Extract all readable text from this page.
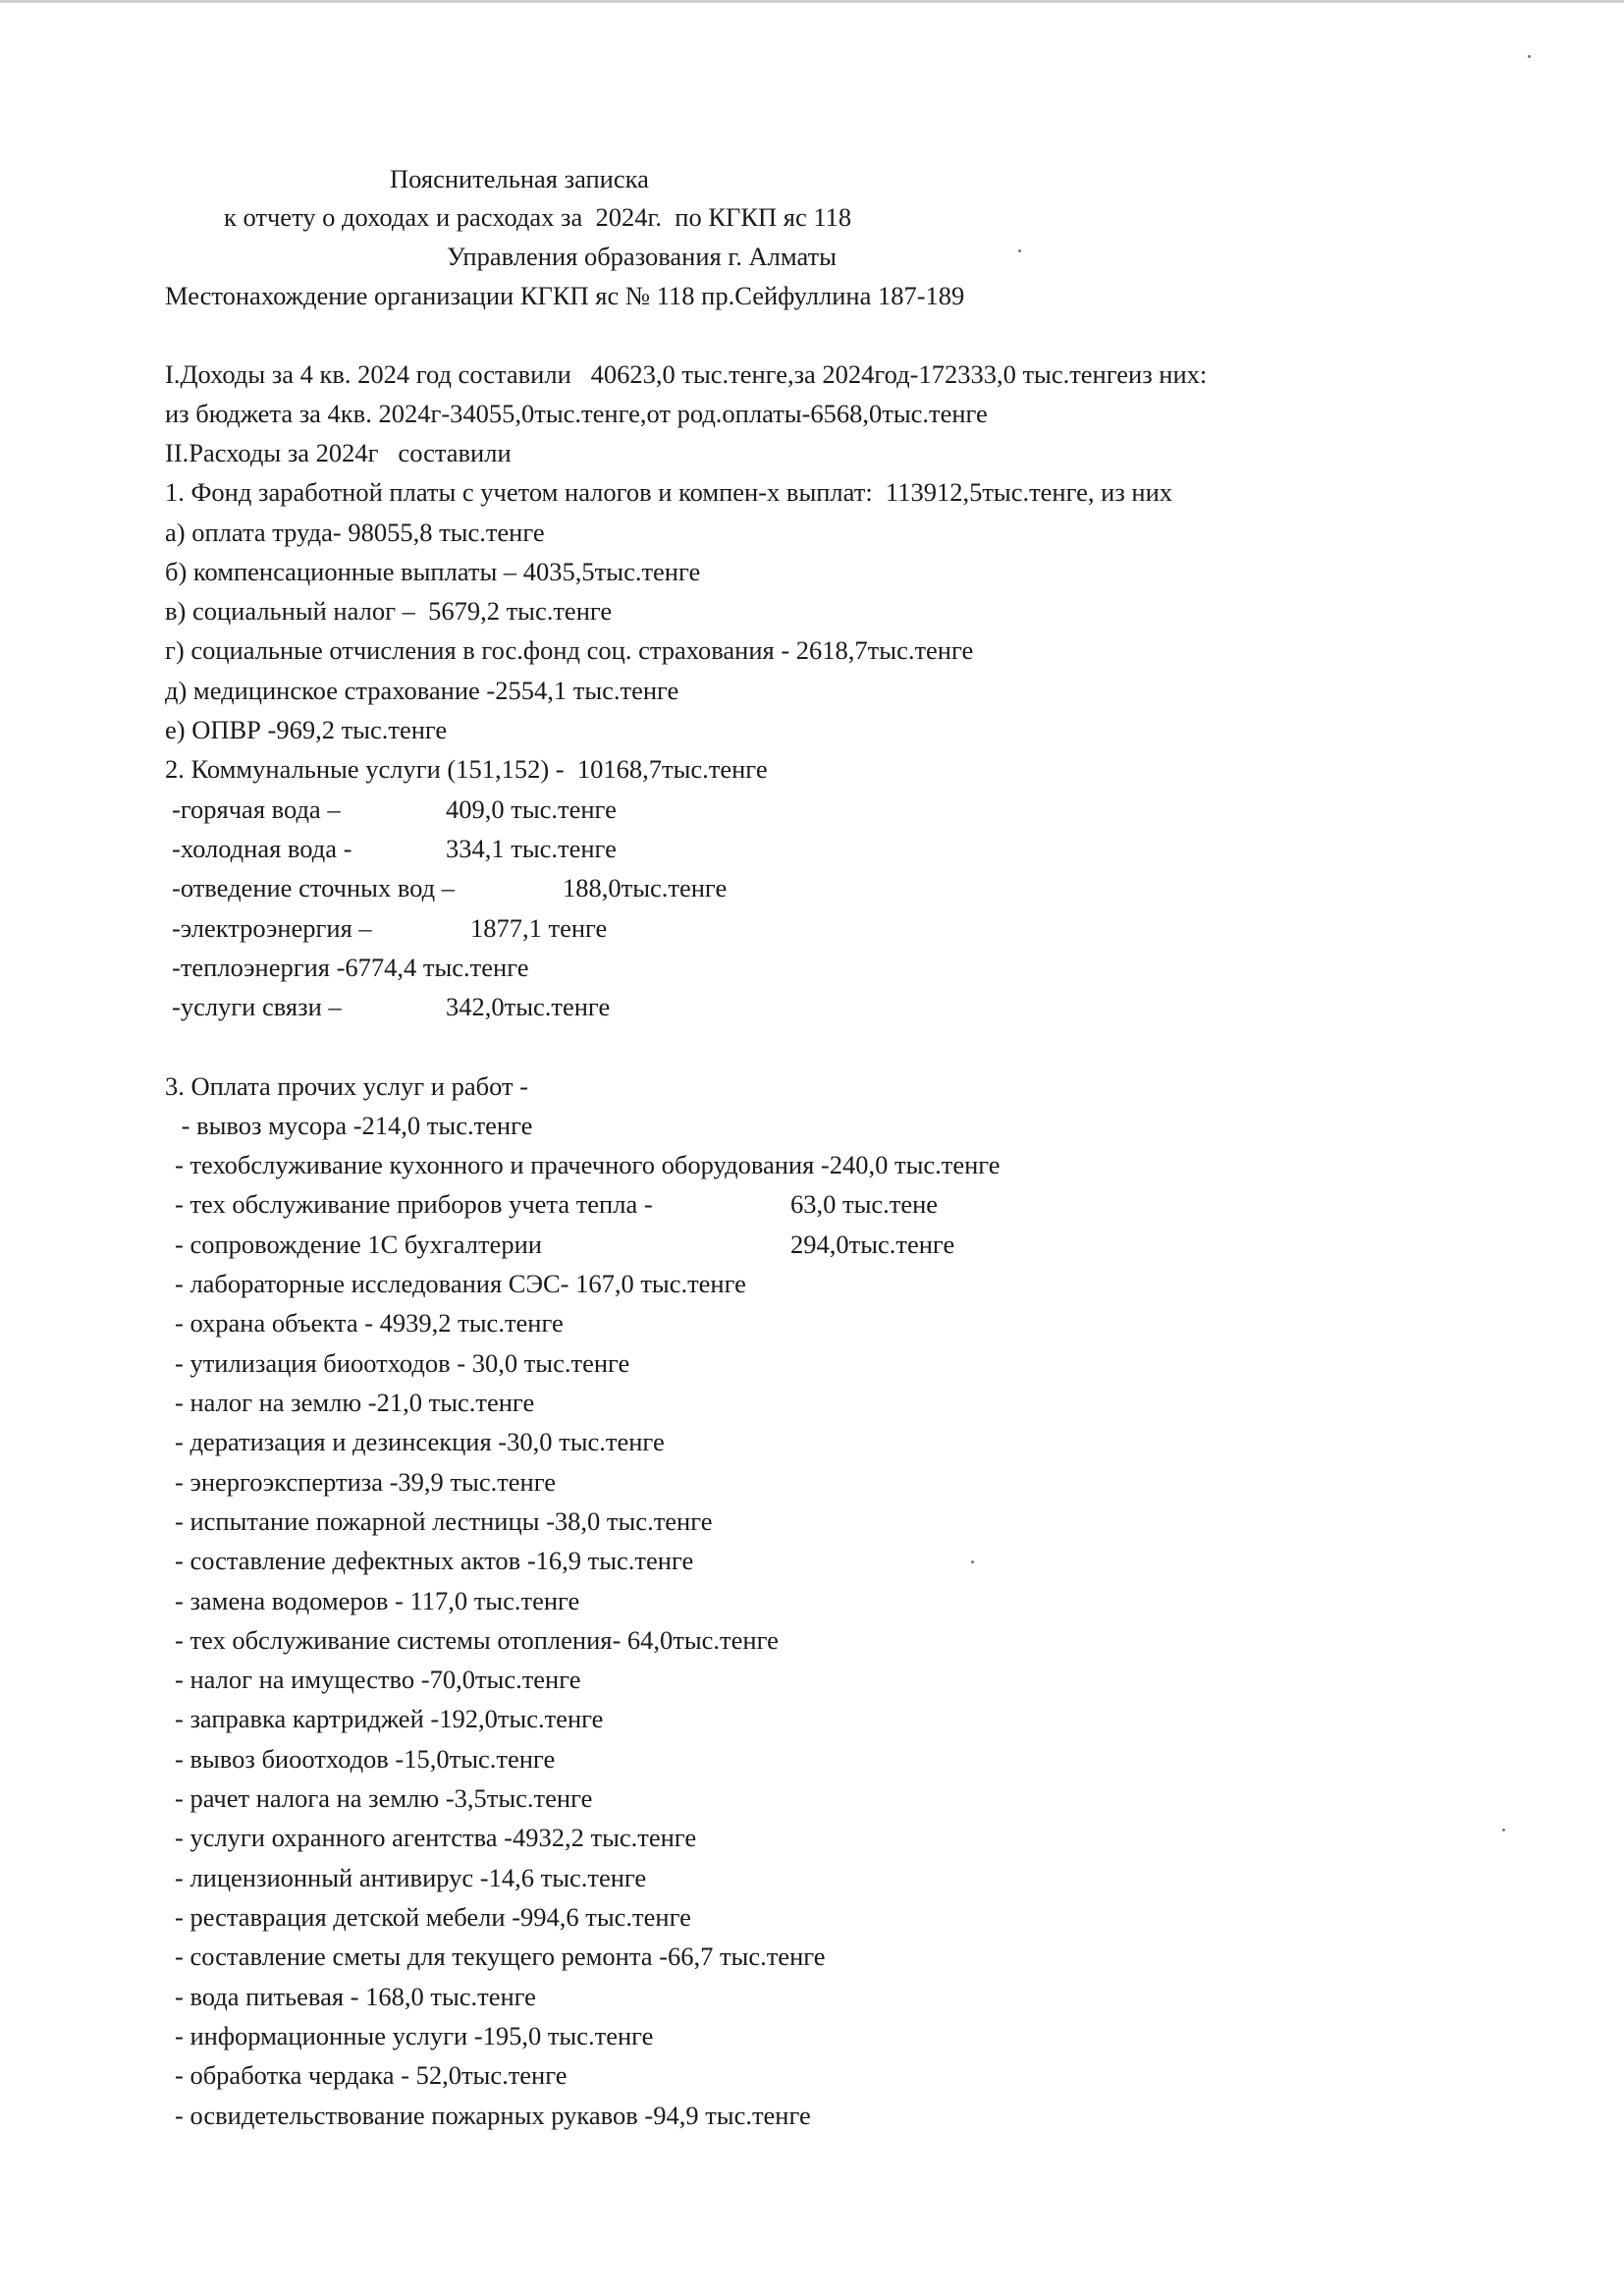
Пояснительная записка
к отчету о доходах и расходах за  2024г.  по КГКП яс 118
Управления образования г. Алматы
Местонахождение организации КГКП яс № 118 пр.Сейфуллина 187-189
I.Доходы за 4 кв. 2024 год составили   40623,0 тыс.тенге,за 2024год-172333,0 тыс.тенгеиз них:
из бюджета за 4кв. 2024г-34055,0тыс.тенге,от род.оплаты-6568,0тыс.тенге
II.Расходы за 2024г   составили
1. Фонд заработной платы с учетом налогов и компен-х выплат:  113912,5тыс.тенге, из них
а) оплата труда- 98055,8 тыс.тенге
б) компенсационные выплаты – 4035,5тыс.тенге
в) социальный налог –  5679,2 тыс.тенге
г) социальные отчисления в гос.фонд соц. страхования - 2618,7тыс.тенге
д) медицинское страхование -2554,1 тыс.тенге
е) ОПВР -969,2 тыс.тенге
2. Коммунальные услуги (151,152) -  10168,7тыс.тенге
-горячая вода –	409,0 тыс.тенге
-холодная вода -	334,1 тыс.тенге
-отведение сточных вод –	188,0тыс.тенге
-электроэнергия –	1877,1 тенге
-теплоэнергия -6774,4 тыс.тенге
-услуги связи –	342,0тыс.тенге
3. Оплата прочих услуг и работ -
- вывоз мусора -214,0 тыс.тенге
- техобслуживание кухонного и прачечного оборудования -240,0 тыс.тенге
- тех обслуживание приборов учета тепла -	63,0 тыс.тене
- сопровождение 1С бухгалтерии	294,0тыс.тенге
- лабораторные исследования СЭС- 167,0 тыс.тенге
- охрана объекта - 4939,2 тыс.тенге
- утилизация биоотходов - 30,0 тыс.тенге
- налог на землю -21,0 тыс.тенге
- дератизация и дезинсекция -30,0 тыс.тенге
- энергоэкспертиза -39,9 тыс.тенге
- испытание пожарной лестницы -38,0 тыс.тенге
- составление дефектных актов -16,9 тыс.тенге
- замена водомеров - 117,0 тыс.тенге
- тех обслуживание системы отопления- 64,0тыс.тенге
- налог на имущество -70,0тыс.тенге
- заправка картриджей -192,0тыс.тенге
- вывоз биоотходов -15,0тыс.тенге
- рачет налога на землю -3,5тыс.тенге
- услуги охранного агентства -4932,2 тыс.тенге
- лицензионный антивирус -14,6 тыс.тенге
- реставрация детской мебели -994,6 тыс.тенге
- составление сметы для текущего ремонта -66,7 тыс.тенге
- вода питьевая - 168,0 тыс.тенге
- информационные услуги -195,0 тыс.тенге
- обработка чердака - 52,0тыс.тенге
- освидетельствование пожарных рукавов -94,9 тыс.тенге
